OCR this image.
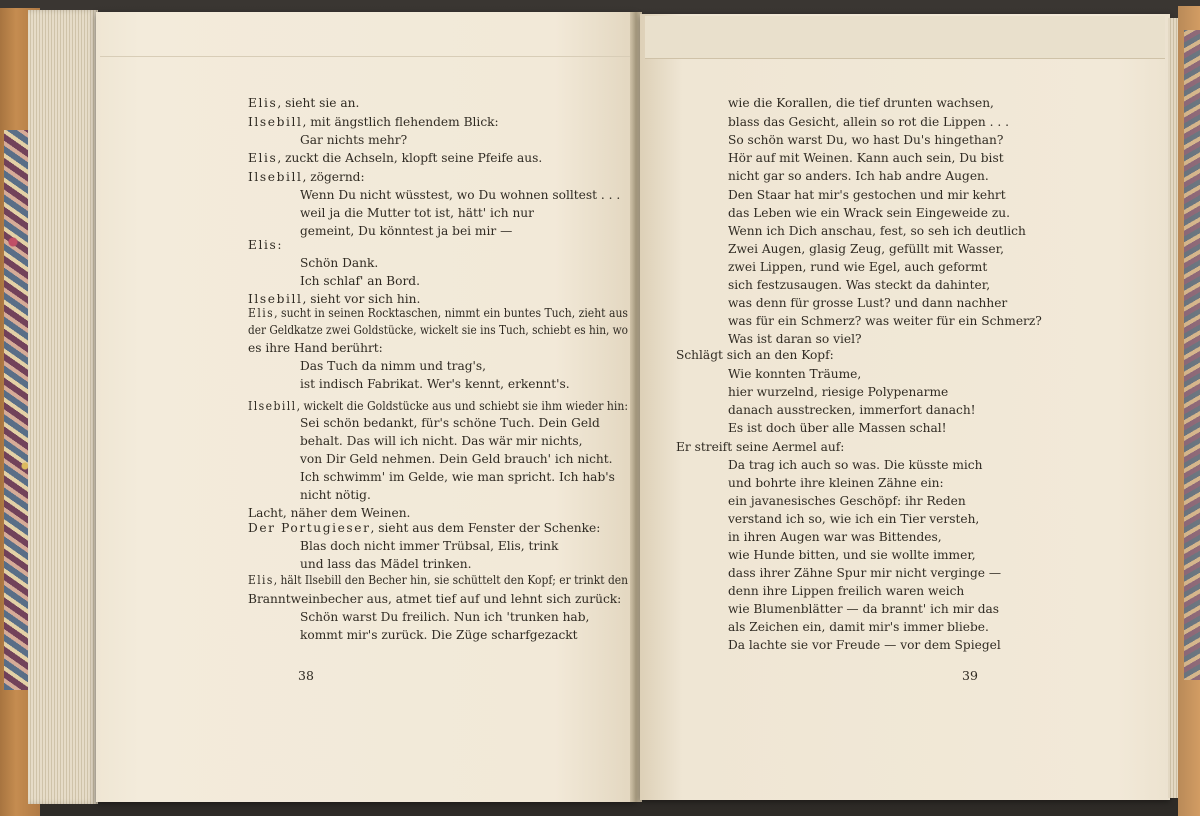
Elis, sieht sie an.
Ilsebill, mit ängstlich flehendem Blick:
Gar nichts mehr?
Elis, zuckt die Achseln, klopft seine Pfeife aus.
Ilsebill, zögernd:
Wenn Du nicht wüsstest, wo Du wohnen solltest . . .
weil ja die Mutter tot ist, hätt' ich nur
gemeint, Du könntest ja bei mir —
Elis:
Schön Dank.
Ich schlaf' an Bord.
Ilsebill, sieht vor sich hin.
Elis, sucht in seinen Rocktaschen, nimmt ein buntes Tuch, zieht aus
der Geldkatze zwei Goldstücke, wickelt sie ins Tuch, schiebt es hin, wo
es ihre Hand berührt:
Das Tuch da nimm und trag's,
ist indisch Fabrikat. Wer's kennt, erkennt's.
Ilsebill, wickelt die Goldstücke aus und schiebt sie ihm wieder hin:
Sei schön bedankt, für's schöne Tuch. Dein Geld
behalt. Das will ich nicht. Das wär mir nichts,
von Dir Geld nehmen. Dein Geld brauch' ich nicht.
Ich schwimm' im Gelde, wie man spricht. Ich hab's
nicht nötig.
Lacht, näher dem Weinen.
Der Portugieser, sieht aus dem Fenster der Schenke:
Blas doch nicht immer Trübsal, Elis, trink
und lass das Mädel trinken.
Elis, hält Ilsebill den Becher hin, sie schüttelt den Kopf; er trinkt den
Branntweinbecher aus, atmet tief auf und lehnt sich zurück:
Schön warst Du freilich. Nun ich 'trunken hab,
kommt mir's zurück. Die Züge scharfgezackt
38
wie die Korallen, die tief drunten wachsen,
blass das Gesicht, allein so rot die Lippen . . .
So schön warst Du, wo hast Du's hingethan?
Hör auf mit Weinen. Kann auch sein, Du bist
nicht gar so anders. Ich hab andre Augen.
Den Staar hat mir's gestochen und mir kehrt
das Leben wie ein Wrack sein Eingeweide zu.
Wenn ich Dich anschau, fest, so seh ich deutlich
Zwei Augen, glasig Zeug, gefüllt mit Wasser,
zwei Lippen, rund wie Egel, auch geformt
sich festzusaugen. Was steckt da dahinter,
was denn für grosse Lust? und dann nachher
was für ein Schmerz? was weiter für ein Schmerz?
Was ist daran so viel?
Schlägt sich an den Kopf:
Wie konnten Träume,
hier wurzelnd, riesige Polypenarme
danach ausstrecken, immerfort danach!
Es ist doch über alle Massen schal!
Er streift seine Aermel auf:
Da trag ich auch so was. Die küsste mich
und bohrte ihre kleinen Zähne ein:
ein javanesisches Geschöpf: ihr Reden
verstand ich so, wie ich ein Tier versteh,
in ihren Augen war was Bittendes,
wie Hunde bitten, und sie wollte immer,
dass ihrer Zähne Spur mir nicht verginge —
denn ihre Lippen freilich waren weich
wie Blumenblätter — da brannt' ich mir das
als Zeichen ein, damit mir's immer bliebe.
Da lachte sie vor Freude — vor dem Spiegel
39
